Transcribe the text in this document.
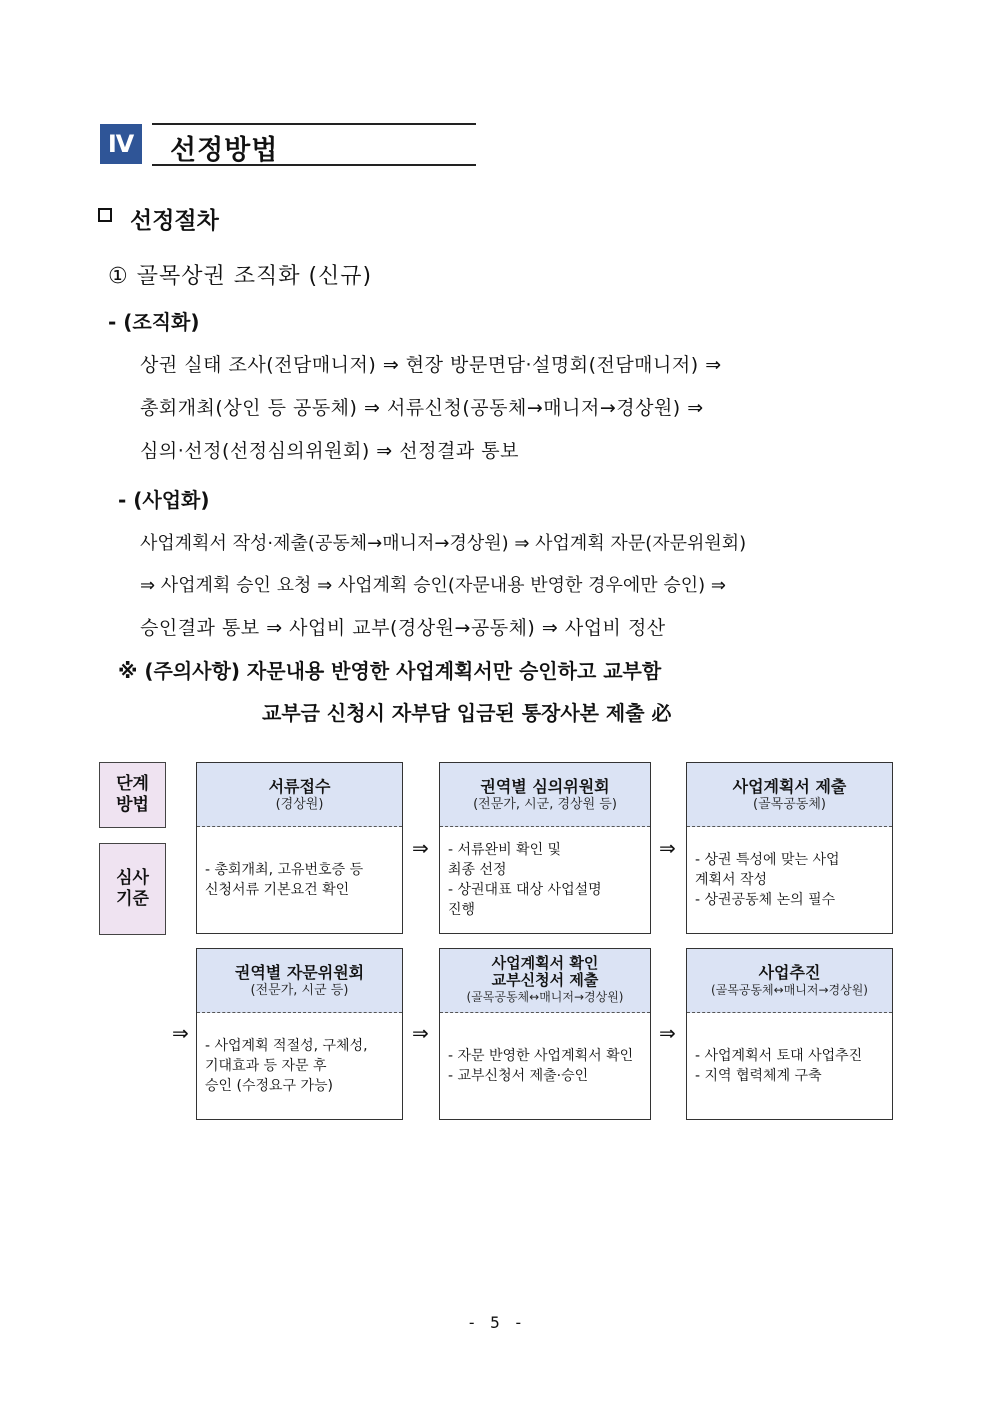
Ⅳ 선정방법
선정절차
① 골목상권 조직화 (신규)
- (조직화)
상권 실태 조사(전담매니저) ⇒ 현장 방문면담·설명회(전담매니저) ⇒
총회개최(상인 등 공동체) ⇒ 서류신청(공동체→매니저→경상원) ⇒
심의·선정(선정심의위원회) ⇒ 선정결과 통보
- (사업화)
사업계획서 작성·제출(공동체→매니저→경상원) ⇒ 사업계획 자문(자문위원회)
⇒ 사업계획 승인 요청 ⇒ 사업계획 승인(자문내용 반영한 경우에만 승인) ⇒
승인결과 통보 ⇒ 사업비 교부(경상원→공동체) ⇒ 사업비 정산
※ (주의사항) 자문내용 반영한 사업계획서만 승인하고 교부함
교부금 신청시 자부담 입금된 통장사본 제출 必
단계
방법
심사
기준
서류접수
(경상원)
- 총회개최, 고유번호증 등
신청서류 기본요건 확인
⇒
권역별 심의위원회
(전문가, 시군, 경상원 등)
- 서류완비 확인 및
최종 선정
- 상권대표 대상 사업설명
진행
⇒
사업계획서 제출
(골목공동체)
- 상권 특성에 맞는 사업
계획서 작성
- 상권공동체 논의 필수
⇒
권역별 자문위원회
(전문가, 시군 등)
- 사업계획 적절성, 구체성,
기대효과 등 자문 후
승인 (수정요구 가능)
⇒
사업계획서 확인
교부신청서 제출
(골목공동체↔매니저→경상원)
- 자문 반영한 사업계획서 확인
- 교부신청서 제출·승인
⇒
사업추진
(골목공동체↔매니저→경상원)
- 사업계획서 토대 사업추진
- 지역 협력체계 구축
- 5 -
